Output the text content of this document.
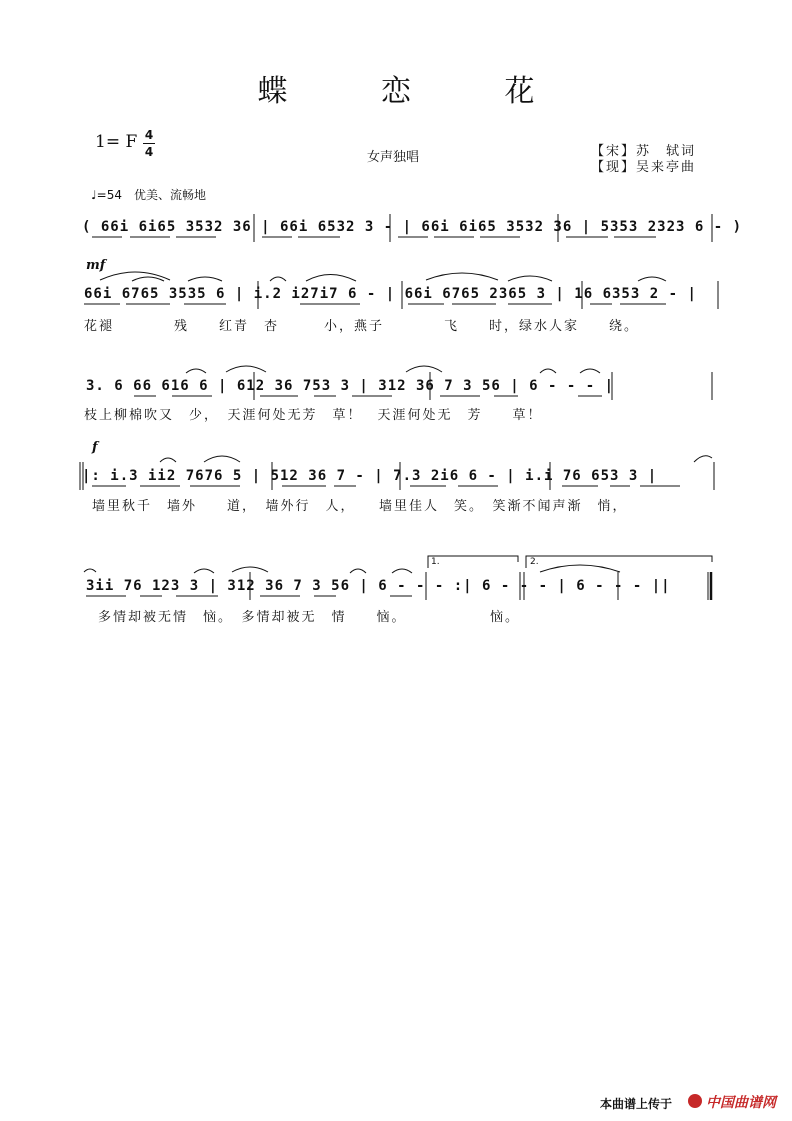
蝶 恋 花
1= F 4
4	女声独唱	【宋】苏　轼词
【现】吴来亭曲
♩=54　优美、流畅地
mf
f
( 66i 6i65 3532 36 | 66i 6532 3 - | 66i 6i65 3532 36 | 5353 2323 6 - )
66i 6765 3535 6 | i.2 i27i7 6 - | 66i 6765 2365 3 | 16 6353 2 - |
花褪　　　　残　　红青　杏　　　小，燕子　　　　飞　　时，绿水人家　　绕。
3. 6 66 616 6 | 612 36 753 3 | 312 36 7 3 56 | 6 - - - |
枝上柳棉吹又　少，　天涯何处无芳　草！　天涯何处无　芳　　草！
|: i.3 ii2 7676 5 | 512 36 7 - | 7.3 2i6 6 - | i.i 76 653 3 |
墙里秋千　墙外　　道，　墙外行　人，　　墙里佳人　笑。　笑渐不闻声渐　悄，
3ii 76 123 3 | 312 36 7 3 56 | 6 - - - :| 6 - - - | 6 - - - ||
多情却被无情　恼。　多情却被无　情　　恼。　　　　　　恼。
1.	2.
本曲谱上传于 中国曲谱网
